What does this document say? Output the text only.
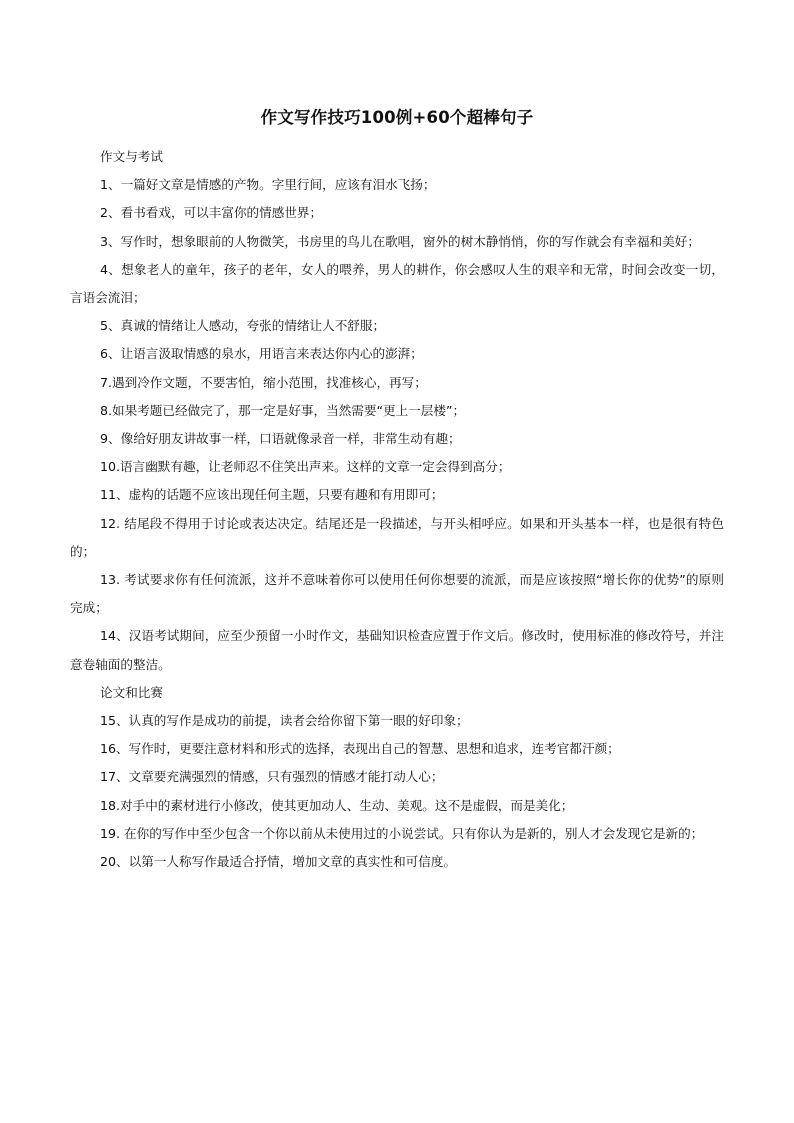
作文写作技巧100例+60个超棒句子

作文与考试

1、一篇好文章是情感的产物。字里行间，应该有泪水飞扬；

2、看书看戏，可以丰富你的情感世界；

3、写作时，想象眼前的人物微笑，书房里的鸟儿在歌唱，窗外的树木静悄悄，你的写作就会有幸福和美好；

4、想象老人的童年，孩子的老年，女人的喂养，男人的耕作，你会感叹人生的艰辛和无常，时间会改变一切，言语会流泪；

5、真诚的情绪让人感动，夸张的情绪让人不舒服；

6、让语言汲取情感的泉水，用语言来表达你内心的澎湃；

7.遇到冷作文题，不要害怕，缩小范围，找准核心，再写；

8.如果考题已经做完了，那一定是好事，当然需要“更上一层楼”；

9、像给好朋友讲故事一样，口语就像录音一样，非常生动有趣；

10.语言幽默有趣，让老师忍不住笑出声来。这样的文章一定会得到高分；

11、虚构的话题不应该出现任何主题，只要有趣和有用即可；

12. 结尾段不得用于讨论或表达决定。结尾还是一段描述，与开头相呼应。如果和开头基本一样，也是很有特色的；

13. 考试要求你有任何流派，这并不意味着你可以使用任何你想要的流派，而是应该按照“增长你的优势”的原则完成；

14、汉语考试期间，应至少预留一小时作文，基础知识检查应置于作文后。修改时，使用标准的修改符号，并注意卷轴面的整洁。

论文和比赛

15、认真的写作是成功的前提，读者会给你留下第一眼的好印象；

16、写作时，更要注意材料和形式的选择，表现出自己的智慧、思想和追求，连考官都汗颜；

17、文章要充满强烈的情感，只有强烈的情感才能打动人心；

18.对手中的素材进行小修改，使其更加动人、生动、美观。这不是虚假，而是美化；

19. 在你的写作中至少包含一个你以前从未使用过的小说尝试。只有你认为是新的，别人才会发现它是新的；

20、以第一人称写作最适合抒情，增加文章的真实性和可信度。
